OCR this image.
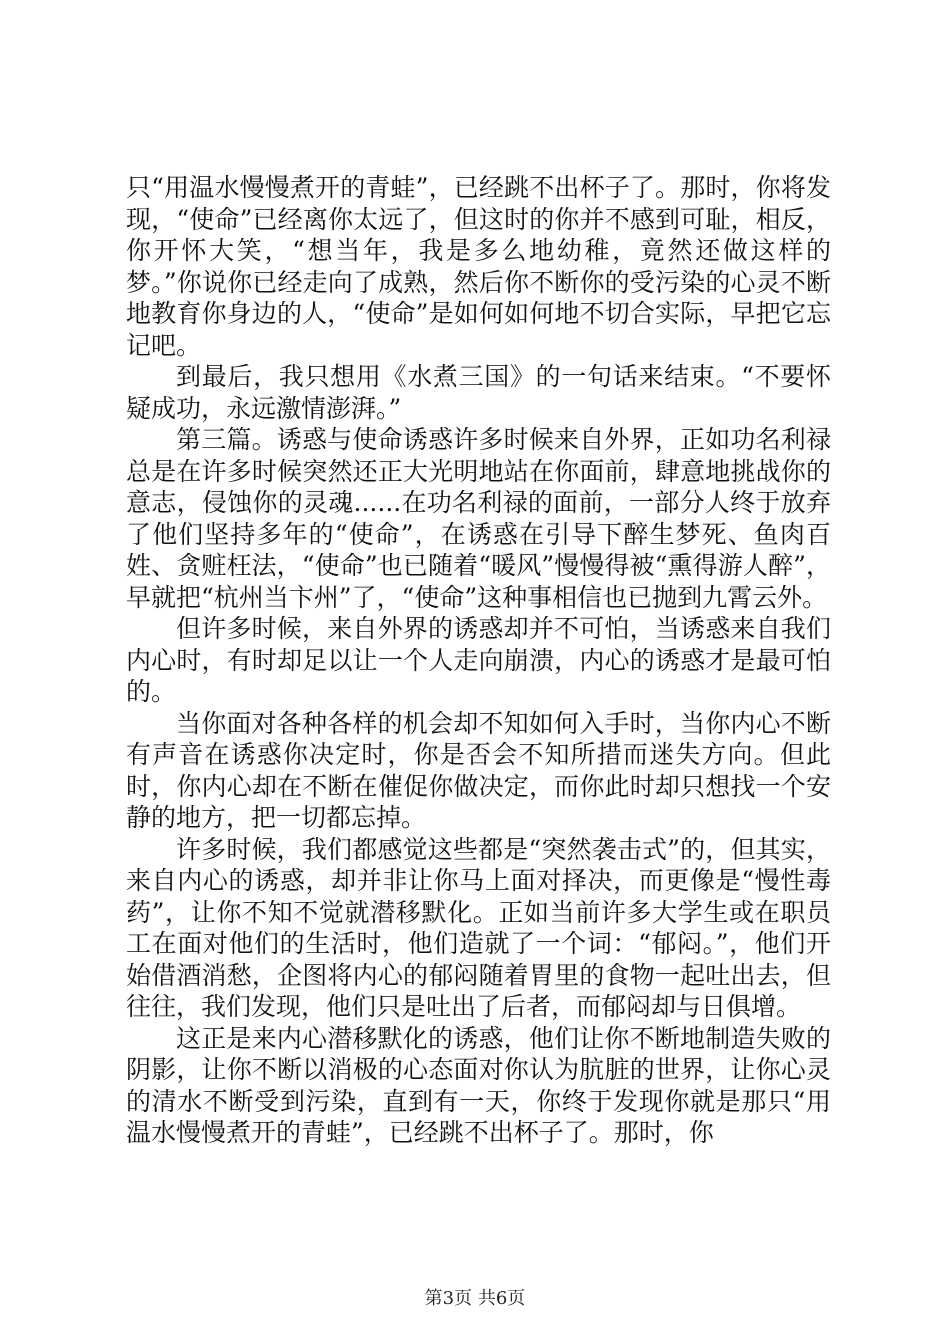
只“用温水慢慢煮开的青蛙”，已经跳不出杯子了。那时，你将发现，“使命”已经离你太远了，但这时的你并不感到可耻，相反，你开怀大笑，“想当年，我是多么地幼稚，竟然还做这样的梦。”你说你已经走向了成熟，然后你不断你的受污染的心灵不断地教育你身边的人，“使命”是如何如何地不切合实际，早把它忘记吧。

到最后，我只想用《水煮三国》的一句话来结束。“不要怀疑成功，永远激情澎湃。”

第三篇。诱惑与使命诱惑许多时候来自外界，正如功名利禄总是在许多时候突然还正大光明地站在你面前，肆意地挑战你的意志，侵蚀你的灵魂......在功名利禄的面前，一部分人终于放弃了他们坚持多年的“使命”，在诱惑在引导下醉生梦死、鱼肉百姓、贪赃枉法，“使命”也已随着“暖风”慢慢得被“熏得游人醉”，早就把“杭州当卞州”了，“使命”这种事相信也已抛到九霄云外。

但许多时候，来自外界的诱惑却并不可怕，当诱惑来自我们内心时，有时却足以让一个人走向崩溃，内心的诱惑才是最可怕的。

当你面对各种各样的机会却不知如何入手时，当你内心不断有声音在诱惑你决定时，你是否会不知所措而迷失方向。但此时，你内心却在不断在催促你做决定，而你此时却只想找一个安静的地方，把一切都忘掉。

许多时候，我们都感觉这些都是“突然袭击式”的，但其实，来自内心的诱惑，却并非让你马上面对择决，而更像是“慢性毒药”，让你不知不觉就潜移默化。正如当前许多大学生或在职员工在面对他们的生活时，他们造就了一个词：“郁闷。”，他们开始借酒消愁，企图将内心的郁闷随着胃里的食物一起吐出去，但往往，我们发现，他们只是吐出了后者，而郁闷却与日俱增。

这正是来内心潜移默化的诱惑，他们让你不断地制造失败的阴影，让你不断以消极的心态面对你认为肮脏的世界，让你心灵的清水不断受到污染，直到有一天，你终于发现你就是那只“用温水慢慢煮开的青蛙”，已经跳不出杯子了。那时，你

第3页 共6页
